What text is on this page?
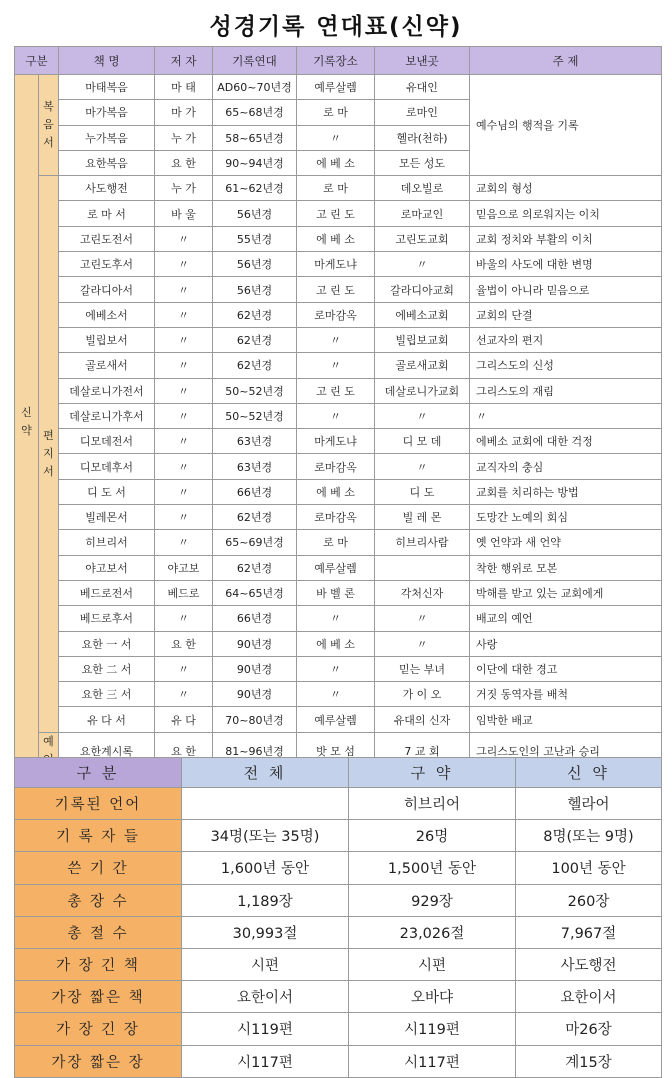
성경기록 연대표(신약)
구분		책 명	저 자	기록연대	기록장소	보낸곳	주 제
신약	복음서	마태복음	마 태	AD60~70년경	예루살렘	유대인	예수님의 행적을 기록
		마가복음	마 가	65~68년경	로 마	로마인	
		누가복음	누 가	58~65년경	〃	헬라(천하)	
		요한복음	요 한	90~94년경	에 베 소	모든 성도	
	편지서	사도행전	누 가	61~62년경	로 마	데오빌로	교회의 형성
		로 마 서	바 울	56년경	고 린 도	로마교인	믿음으로 의로워지는 이치
		고린도전서	〃	55년경	에 베 소	고린도교회	교회 정치와 부활의 이치
		고린도후서	〃	56년경	마게도냐	〃	바울의 사도에 대한 변명
		갈라디아서	〃	56년경	고 린 도	갈라디아교회	율법이 아니라 믿음으로
		에베소서	〃	62년경	로마감옥	에베소교회	교회의 단결
		빌립보서	〃	62년경	〃	빌립보교회	선교자의 편지
		골로새서	〃	62년경	〃	골로새교회	그리스도의 신성
		데살로니가전서	〃	50~52년경	고 린 도	데살로니가교회	그리스도의 재림
		데살로니가후서	〃	50~52년경	〃	〃	〃
		디모데전서	〃	63년경	마게도냐	디 모 데	에베소 교회에 대한 걱정
		디모데후서	〃	63년경	로마감옥	〃	교직자의 충심
		디 도 서	〃	66년경	에 베 소	디 도	교회를 치리하는 방법
		빌레몬서	〃	62년경	로마감옥	빌 레 몬	도망간 노예의 회심
		히브리서	〃	65~69년경	로 마	히브리사람	옛 언약과 새 언약
		야고보서	야고보	62년경	예루살렘		착한 행위로 모본
		베드로전서	베드로	64~65년경	바 벨 론	각처신자	박해를 받고 있는 교회에게
		베드로후서	〃	66년경	〃	〃	배교의 예언
		요한 一 서	요 한	90년경	에 베 소	〃	사랑
		요한 二 서	〃	90년경	〃	믿는 부녀	이단에 대한 경고
		요한 三 서	〃	90년경	〃	가 이 오	거짓 동역자를 배척
		유 다 서	유 다	70~80년경	예루살렘	유대의 신자	임박한 배교
	예	요한계시록	요 한	81~96년경	밧 모 섬	7 교 회	그리스도인의 고난과 승리
구 분	전 체	구 약	신 약
기록된 언어		히브리어	헬라어
기 록 자 들	34명(또는 35명)	26명	8명(또는 9명)
쓴 기 간	1,600년 동안	1,500년 동안	100년 동안
총 장 수	1,189장	929장	260장
총 절 수	30,993절	23,026절	7,967절
가 장 긴 책	시편	시편	사도행전
가장 짧은 책	요한이서	오바댜	요한이서
가 장 긴 장	시119편	시119편	마26장
가장 짧은 장	시117편	시117편	계15장
